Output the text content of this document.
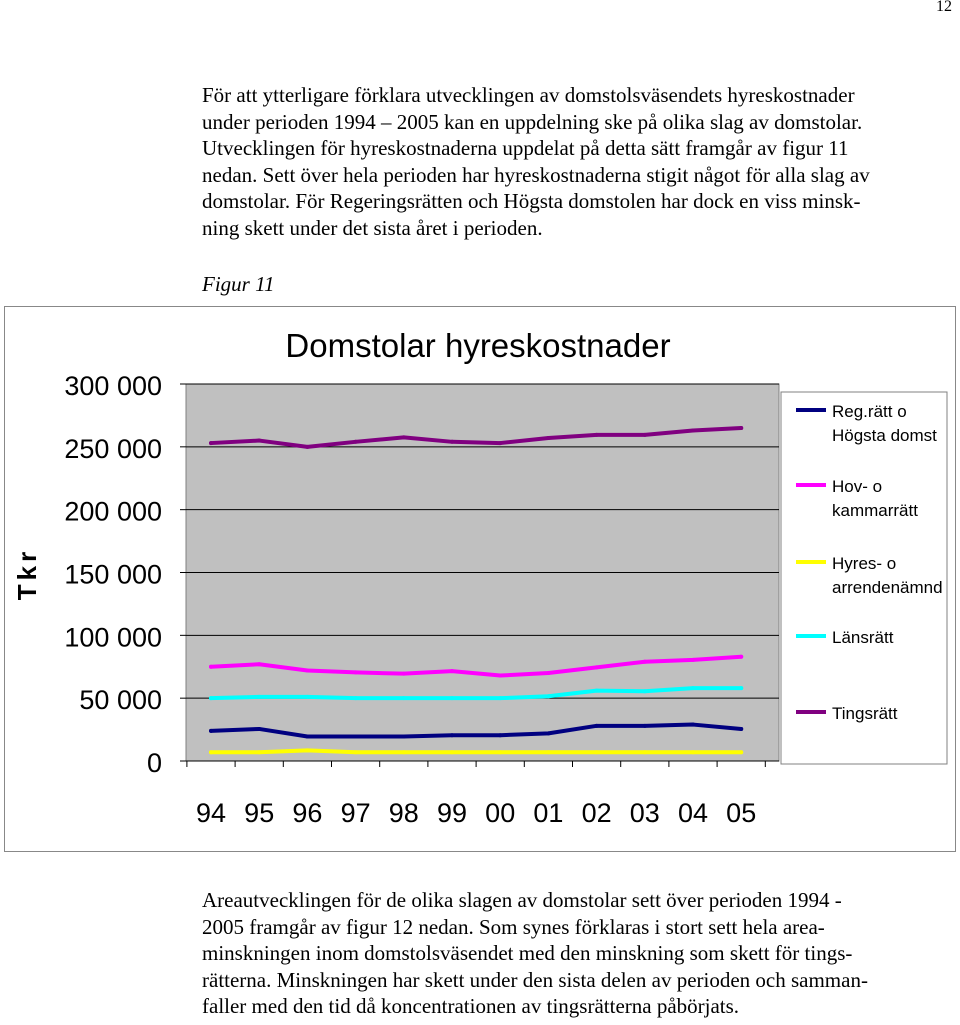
12

För att ytterligare förklara utvecklingen av domstolsväsendets hyreskostnader
under perioden 1994 – 2005 kan en uppdelning ske på olika slag av domstolar.
Utvecklingen för hyreskostnaderna uppdelat på detta sätt framgår av figur 11
nedan. Sett över hela perioden har hyreskostnaderna stigit något för alla slag av
domstolar. För Regeringsrätten och Högsta domstolen har dock en viss minsk-
ning skett under det sista året i perioden.

Figur 11
0
50 000
100 000
150 000
200 000
250 000
300 000
94 95 96 97 98 99 00 01 02 03 04 05
Domstolar hyreskostnader
Tkr
Reg.rätt o
Högsta domst
Hov- o
kammarrätt
Hyres- o
arrendenämnd
Länsrätt
Tingsrätt

Areautvecklingen för de olika slagen av domstolar sett över perioden 1994 -
2005 framgår av figur 12 nedan. Som synes förklaras i stort sett hela area-
minskningen inom domstolsväsendet med den minskning som skett för tings-
rätterna. Minskningen har skett under den sista delen av perioden och samman-
faller med den tid då koncentrationen av tingsrätterna påbörjats.
